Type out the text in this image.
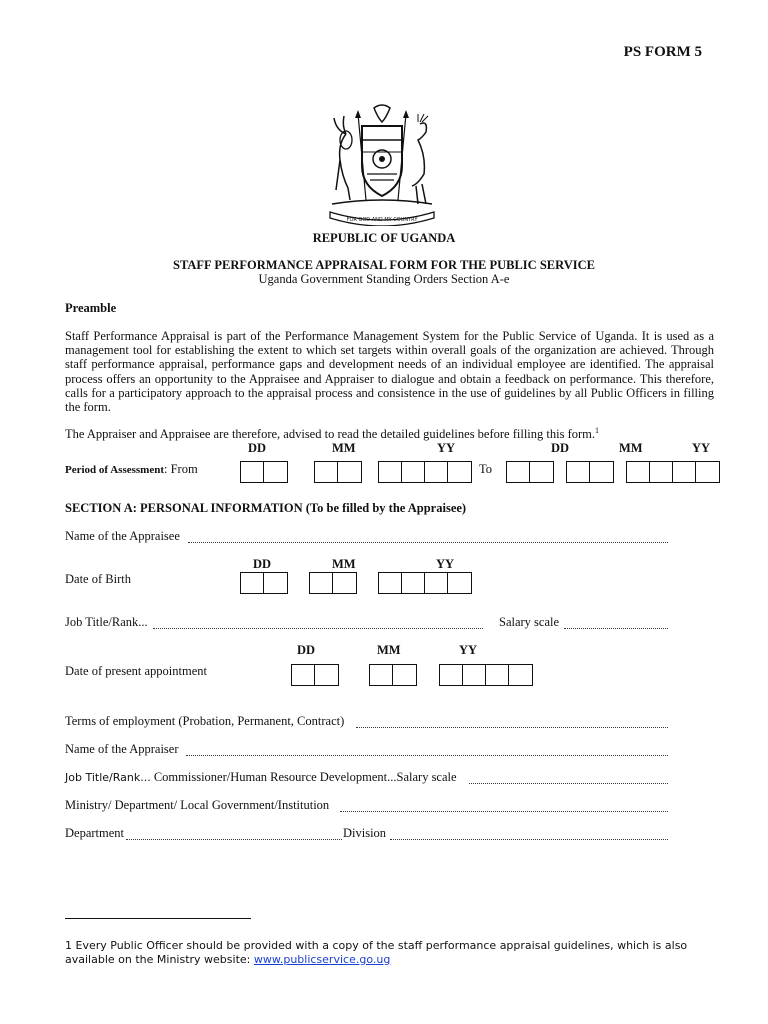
PS FORM 5
FOR GOD AND MY COUNTRY
REPUBLIC OF UGANDA
STAFF PERFORMANCE APPRAISAL FORM FOR THE PUBLIC SERVICE
Uganda Government Standing Orders Section A-e
Preamble
Staff Performance Appraisal is part of the Performance Management System for the Public Service of Uganda. It is used as a management tool for establishing the extent to which set targets within overall goals of the organization are achieved. Through staff performance appraisal, performance gaps and development needs of an individual employee are identified. The appraisal process offers an opportunity to the Appraisee and Appraiser to dialogue and obtain a feedback on performance. This therefore, calls for a participatory approach to the appraisal process and consistence in the use of guidelines by all Public Officers in filling the form.
The Appraiser and Appraisee are therefore, advised to read the detailed guidelines before filling this form.$^1$
DD	MM	YY	DD	MM	YY
Period of Assessment: From	To
SECTION A: PERSONAL INFORMATION (To be filled by the Appraisee)
Name of the Appraisee
DD	MM	YY
Date of Birth
Job Title/Rank...	Salary scale
DD	MM	YY
Date of present appointment
Terms of employment (Probation, Permanent, Contract)
Name of the Appraiser
Job Title/Rank... Commissioner/Human Resource Development...Salary scale
Ministry/ Department/ Local Government/Institution
Department	Division
1 Every Public Officer should be provided with a copy of the staff performance appraisal guidelines, which is also available on the Ministry website: www.publicservice.go.ug
